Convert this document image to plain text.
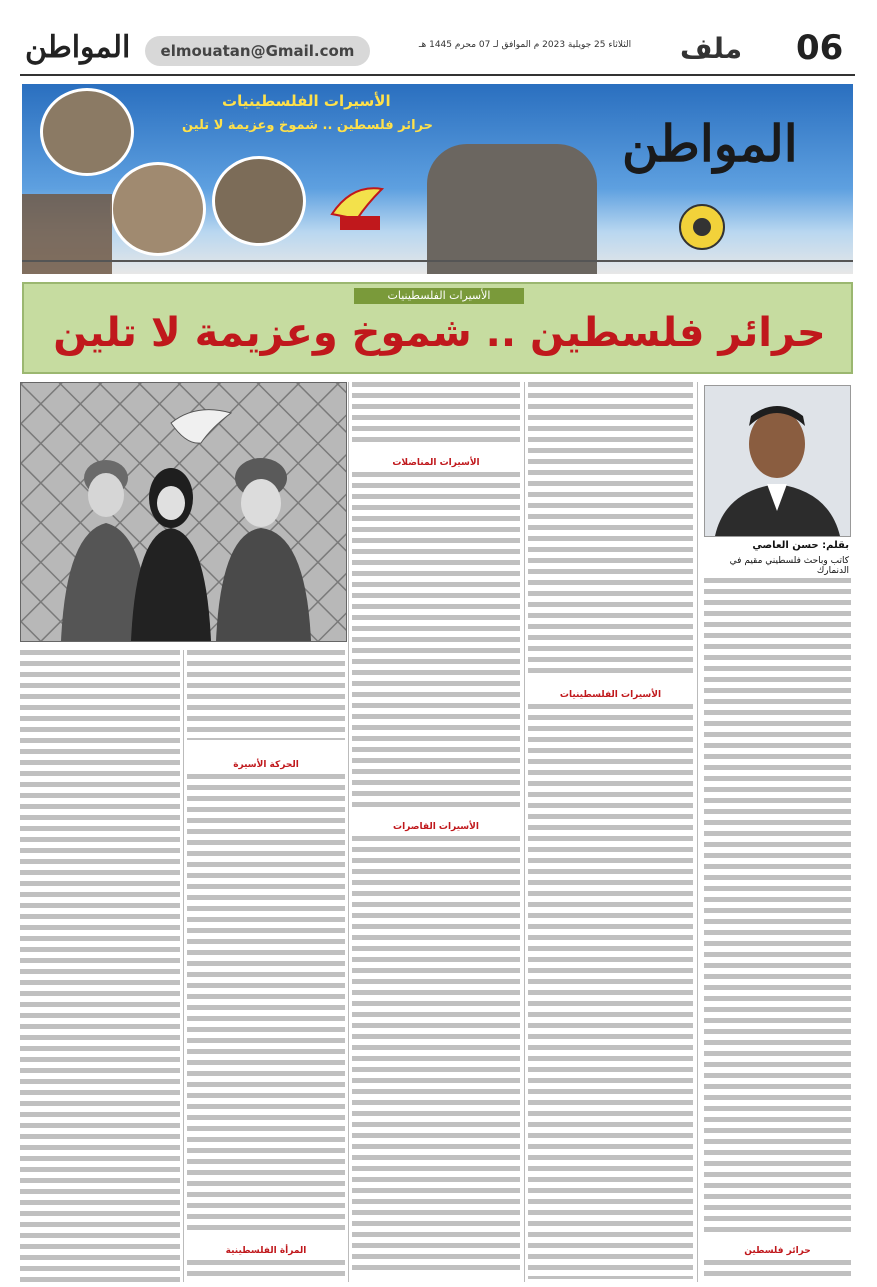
06
ملف
الثلاثاء 25 جويلية 2023 م الموافق لـ 07 محرم 1445 هـ
elmouatan@Gmail.com
المواطن
المواطن
الأسيرات الفلسطينيات
حرائر فلسطين .. شموخ وعزيمة لا تلين
الأسيرات الفلسطينيات
حرائر فلسطين .. شموخ وعزيمة لا تلين
بقلم: حسن العاصي
كاتب وباحث فلسطيني مقيم في الدنمارك
حرائر فلسطين
الأسيرات الفلسطينيات
الأسيرات المناضلات
الأسيرات القاصرات
الحركة الأسيرة
المرأة الفلسطينية
